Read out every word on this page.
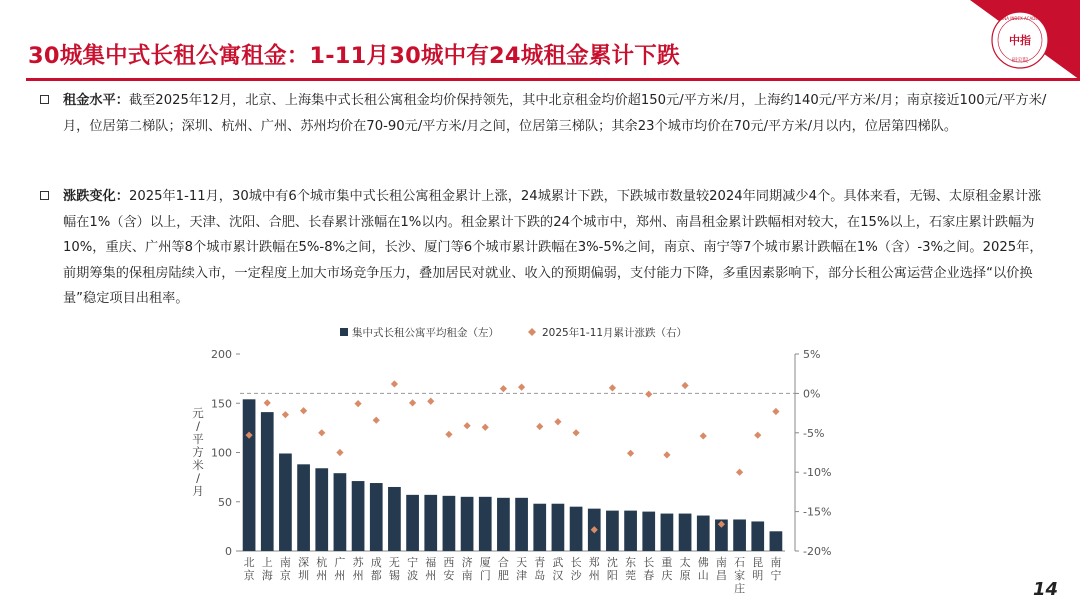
30城集中式长租公寓租金：1-11月30城中有24城租金累计下跌
中指
研究院
CHINA INDEX ACADEMY
租金水平：截至2025年12月，北京、上海集中式长租公寓租金均价保持领先，其中北京租金均价超150元/平方米/月，上海约140元/平方米/月；南京接近100元/平方米/月，位居第二梯队；深圳、杭州、广州、苏州均价在70-90元/平方米/月之间，位居第三梯队；其余23个城市均价在70元/平方米/月以内，位居第四梯队。
涨跌变化：2025年1-11月，30城中有6个城市集中式长租公寓租金累计上涨，24城累计下跌，下跌城市数量较2024年同期减少4个。具体来看，无锡、太原租金累计涨幅在1%（含）以上，天津、沈阳、合肥、长春累计涨幅在1%以内。租金累计下跌的24个城市中，郑州、南昌租金累计跌幅相对较大，在15%以上，石家庄累计跌幅为10%，重庆、广州等8个城市累计跌幅在5%-8%之间，长沙、厦门等6个城市累计跌幅在3%-5%之间，南京、南宁等7个城市累计跌幅在1%（含）-3%之间。2025年，前期筹集的保租房陆续入市，一定程度上加大市场竞争压力，叠加居民对就业、收入的预期偏弱，支付能力下降，多重因素影响下，部分长租公寓运营企业选择“以价换量”稳定项目出租率。
集中式长租公寓平均租金（左）	2025年1-11月累计涨跌（右）
0
50
100
150
200
-20%
-15%
-10%
-5%
0%
5%
元/平方米/月
北京
上海
南京
深圳
杭州
广州
苏州
成都
无锡
宁波
福州
西安
济南
厦门
合肥
天津
青岛
武汉
长沙
郑州
沈阳
东莞
长春
重庆
太原
佛山
南昌
石家庄
昆明
南宁
14
